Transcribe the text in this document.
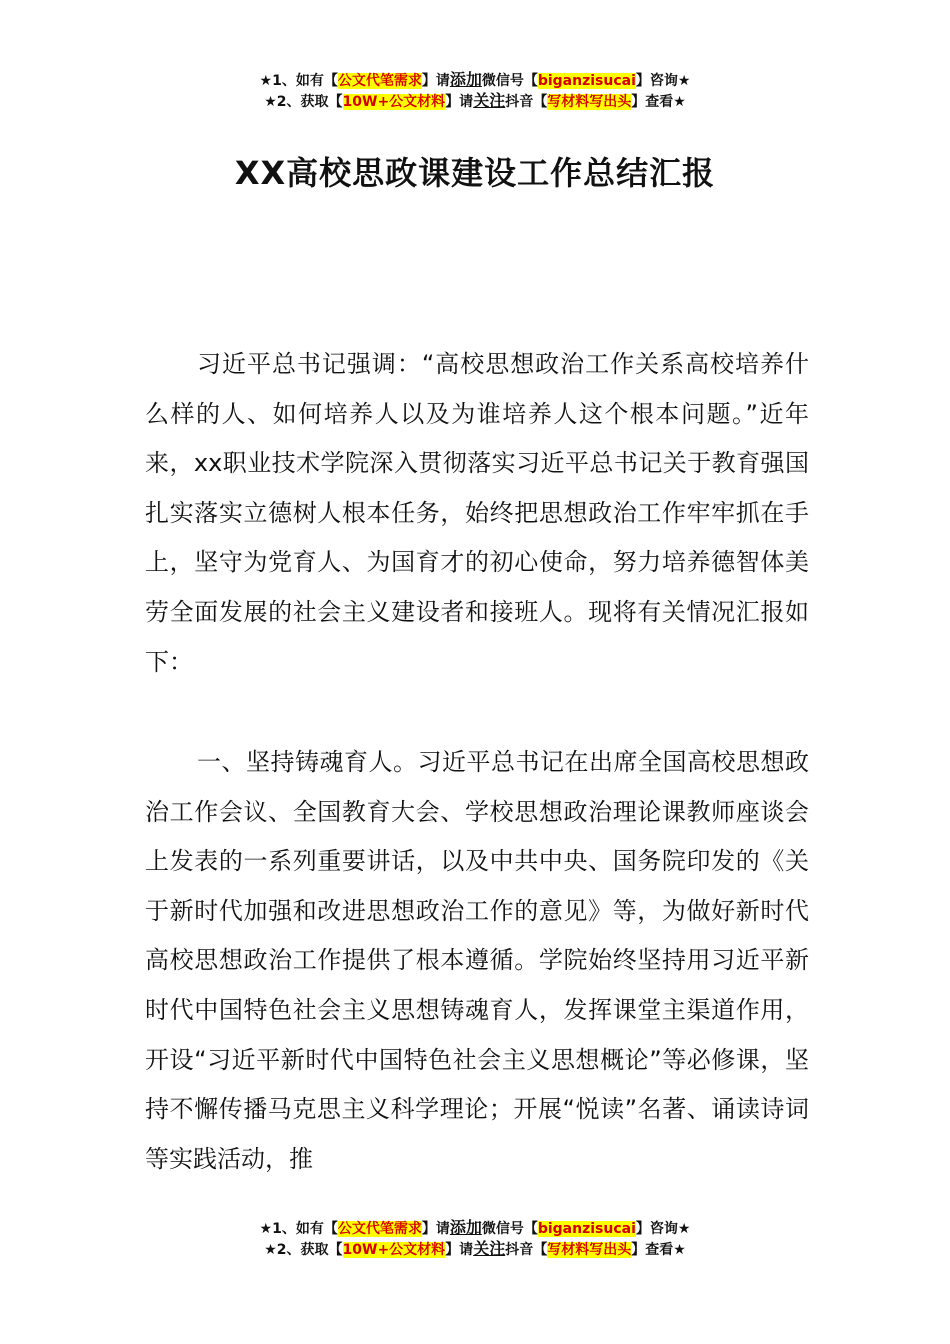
★1、如有【公文代笔需求】请添加微信号【biganzisucai】咨询★
★2、获取【10W+公文材料】请关注抖音【写材料写出头】查看★
XX高校思政课建设工作总结汇报

习近平总书记强调：“高校思想政治工作关系高校培养什么样的人、如何培养人以及为谁培养人这个根本问题。”近年来，xx职业技术学院深入贯彻落实习近平总书记关于教育强国扎实落实立德树人根本任务，始终把思想政治工作牢牢抓在手上，坚守为党育人、为国育才的初心使命，努力培养德智体美劳全面发展的社会主义建设者和接班人。现将有关情况汇报如下：

一、坚持铸魂育人。习近平总书记在出席全国高校思想政治工作会议、全国教育大会、学校思想政治理论课教师座谈会上发表的一系列重要讲话，以及中共中央、国务院印发的《关于新时代加强和改进思想政治工作的意见》等，为做好新时代高校思想政治工作提供了根本遵循。学院始终坚持用习近平新时代中国特色社会主义思想铸魂育人，发挥课堂主渠道作用，开设“习近平新时代中国特色社会主义思想概论”等必修课，坚持不懈传播马克思主义科学理论；开展“悦读”名著、诵读诗词等实践活动，推

★1、如有【公文代笔需求】请添加微信号【biganzisucai】咨询★
★2、获取【10W+公文材料】请关注抖音【写材料写出头】查看★
